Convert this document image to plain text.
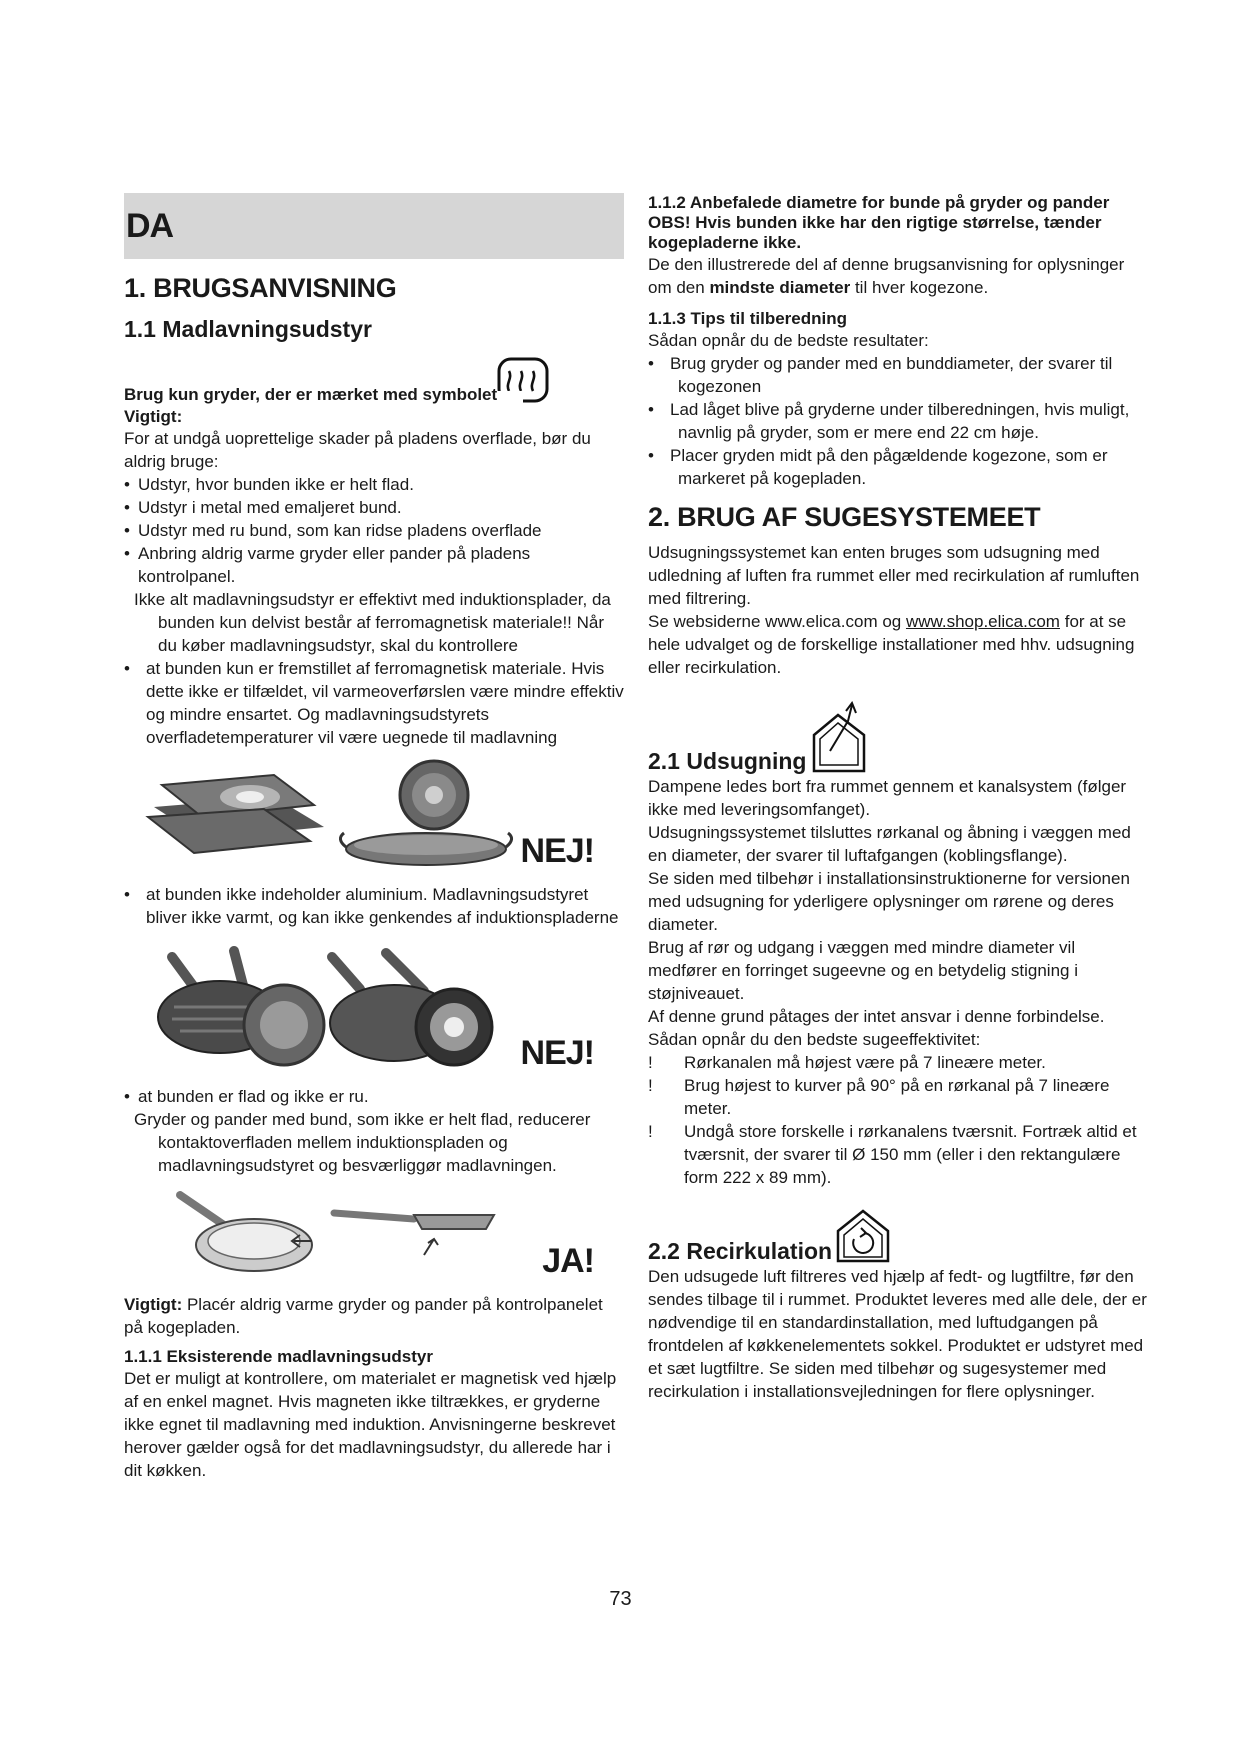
DA
1. BRUGSANVISNING
1.1 Madlavningsudstyr
Brug kun gryder, der er mærket med symbolet
Vigtigt:

For at undgå uoprettelige skader på pladens overflade, bør du aldrig bruge:

• Udstyr, hvor bunden ikke er helt flad.
• Udstyr i metal med emaljeret bund.
• Udstyr med ru bund, som kan ridse pladens overflade
• Anbring aldrig varme gryder eller pander på pladens kontrolpanel.

Ikke alt madlavningsudstyr er effektivt med induktionsplader, da bunden kun delvist består af ferromagnetisk materiale!! Når du køber madlavningsudstyr, skal du kontrollere

• at bunden kun er fremstillet af ferromagnetisk materiale. Hvis dette ikke er tilfældet, vil varmeoverførslen være mindre effektiv og mindre ensartet. Og madlavningsudstyrets overfladetemperaturer vil være uegnede til madlavning
NEJ!
• at bunden ikke indeholder aluminium. Madlavningsudstyret bliver ikke varmt, og kan ikke genkendes af induktionspladerne
NEJ!
• at bunden er flad og ikke er ru.

Gryder og pander med bund, som ikke er helt flad, reducerer kontaktoverfladen mellem induktionspladen og madlavningsudstyret og besværliggør madlavningen.

JA!

Vigtigt: Placér aldrig varme gryder og pander på kontrolpanelet på kogepladen.

1.1.1 Eksisterende madlavningsudstyr

Det er muligt at kontrollere, om materialet er magnetisk ved hjælp af en enkel magnet. Hvis magneten ikke tiltrækkes, er gryderne ikke egnet til madlavning med induktion. Anvisningerne beskrevet herover gælder også for det madlavningsudstyr, du allerede har i dit køkken.

1.1.2 Anbefalede diametre for bunde på gryder og pander
OBS! Hvis bunden ikke har den rigtige størrelse, tænder kogepladerne ikke.

De den illustrerede del af denne brugsanvisning for oplysninger om den mindste diameter til hver kogezone.

1.1.3 Tips til tilberedning

Sådan opnår du de bedste resultater:

• Brug gryder og pander med en bunddiameter, der svarer til kogezonen
• Lad låget blive på gryderne under tilberedningen, hvis muligt, navnlig på gryder, som er mere end 22 cm høje.
• Placer gryden midt på den pågældende kogezone, som er markeret på kogepladen.
2. BRUG AF SUGESYSTEMEET

Udsugningssystemet kan enten bruges som udsugning med udledning af luften fra rummet eller med recirkulation af rumluften med filtrering.

Se websiderne www.elica.com og www.shop.elica.com for at se hele udvalget og de forskellige installationer med hhv. udsugning eller recirkulation.

2.1 Udsugning

Dampene ledes bort fra rummet gennem et kanalsystem (følger ikke med leveringsomfanget).

Udsugningssystemet tilsluttes rørkanal og åbning i væggen med en diameter, der svarer til luftafgangen (koblingsflange).

Se siden med tilbehør i installationsinstruktionerne for versionen med udsugning for yderligere oplysninger om rørene og deres diameter.

Brug af rør og udgang i væggen med mindre diameter vil medfører en forringet sugeevne og en betydelig stigning i støjniveauet.

Af denne grund påtages der intet ansvar i denne forbindelse.

Sådan opnår du den bedste sugeeffektivitet:

!	Rørkanalen må højest være på 7 lineære meter.
!	Brug højest to kurver på 90° på en rørkanal på 7 lineære meter.
!	Undgå store forskelle i rørkanalens tværsnit. Fortræk altid et tværsnit, der svarer til Ø 150 mm (eller i den rektangulære form 222 x 89 mm).
2.2 Recirkulation

Den udsugede luft filtreres ved hjælp af fedt- og lugtfiltre, før den sendes tilbage til i rummet. Produktet leveres med alle dele, der er nødvendige til en standardinstallation, med luftudgangen på frontdelen af køkkenelementets sokkel. Produktet er udstyret med et sæt lugtfiltre. Se siden med tilbehør og sugesystemer med recirkulation i installationsvejledningen for flere oplysninger.

73
